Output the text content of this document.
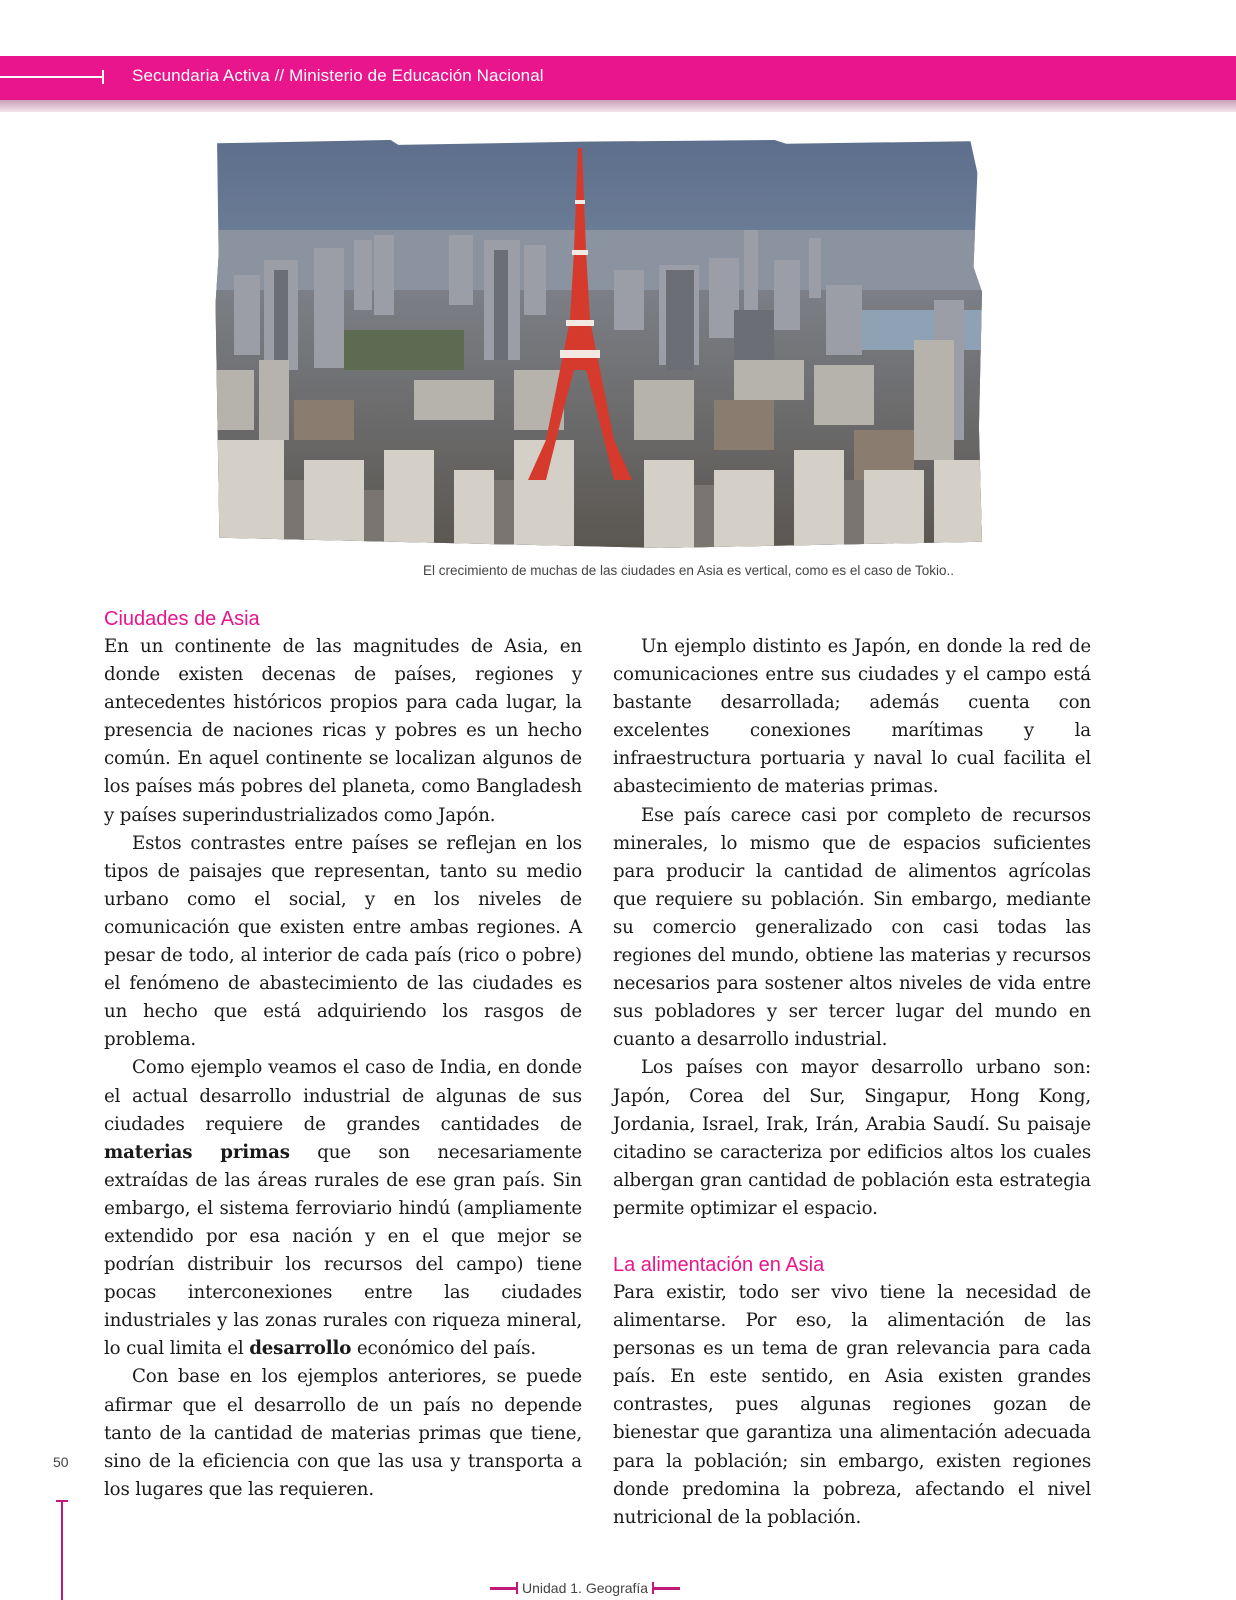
Secundaria Activa // Ministerio de Educación Nacional
El crecimiento de muchas de las ciudades en Asia es vertical, como es el caso de Tokio..
Ciudades de Asia

En un continente de las magnitudes de Asia, en donde existen decenas de países, regiones y antecedentes históricos propios para cada lugar, la presencia de naciones ricas y pobres es un hecho común. En aquel continente se localizan algunos de los países más pobres del planeta, como Bangladesh y países superindustrializados como Japón.

Estos contrastes entre países se reflejan en los tipos de paisajes que representan, tanto su medio urbano como el social, y en los niveles de comunicación que existen entre ambas regiones. A pesar de todo, al interior de cada país (rico o pobre) el fenómeno de abastecimiento de las ciudades es un hecho que está adquiriendo los rasgos de problema.

Como ejemplo veamos el caso de India, en donde el actual desarrollo industrial de algunas de sus ciudades requiere de grandes cantidades de materias primas que son necesariamente extraídas de las áreas rurales de ese gran país. Sin embargo, el sistema ferroviario hindú (ampliamente extendido por esa nación y en el que mejor se podrían distribuir los recursos del campo) tiene pocas interconexiones entre las ciudades industriales y las zonas rurales con riqueza mineral, lo cual limita el desarrollo económico del país.

Con base en los ejemplos anteriores, se puede afirmar que el desarrollo de un país no depende tanto de la cantidad de materias primas que tiene, sino de la eficiencia con que las usa y transporta a los lugares que las requieren.

Un ejemplo distinto es Japón, en donde la red de comunicaciones entre sus ciudades y el campo está bastante desarrollada; además cuenta con excelentes conexiones marítimas y la infraestructura portuaria y naval lo cual facilita el abastecimiento de materias primas.

Ese país carece casi por completo de recursos minerales, lo mismo que de espacios suficientes para producir la cantidad de alimentos agrícolas que requiere su población. Sin embargo, mediante su comercio generalizado con casi todas las regiones del mundo, obtiene las materias y recursos necesarios para sostener altos niveles de vida entre sus pobladores y ser tercer lugar del mundo en cuanto a desarrollo industrial.

Los países con mayor desarrollo urbano son: Japón, Corea del Sur, Singapur, Hong Kong, Jordania, Israel, Irak, Irán, Arabia Saudí. Su paisaje citadino se caracteriza por edificios altos los cuales albergan gran cantidad de población esta estrategia permite optimizar el espacio.

La alimentación en Asia

Para existir, todo ser vivo tiene la necesidad de alimentarse. Por eso, la alimentación de las personas es un tema de gran relevancia para cada país. En este sentido, en Asia existen grandes contrastes, pues algunas regiones gozan de bienestar que garantiza una alimentación adecuada para la población; sin embargo, existen regiones donde predomina la pobreza, afectando el nivel nutricional de la población.

50
Unidad 1. Geografía
